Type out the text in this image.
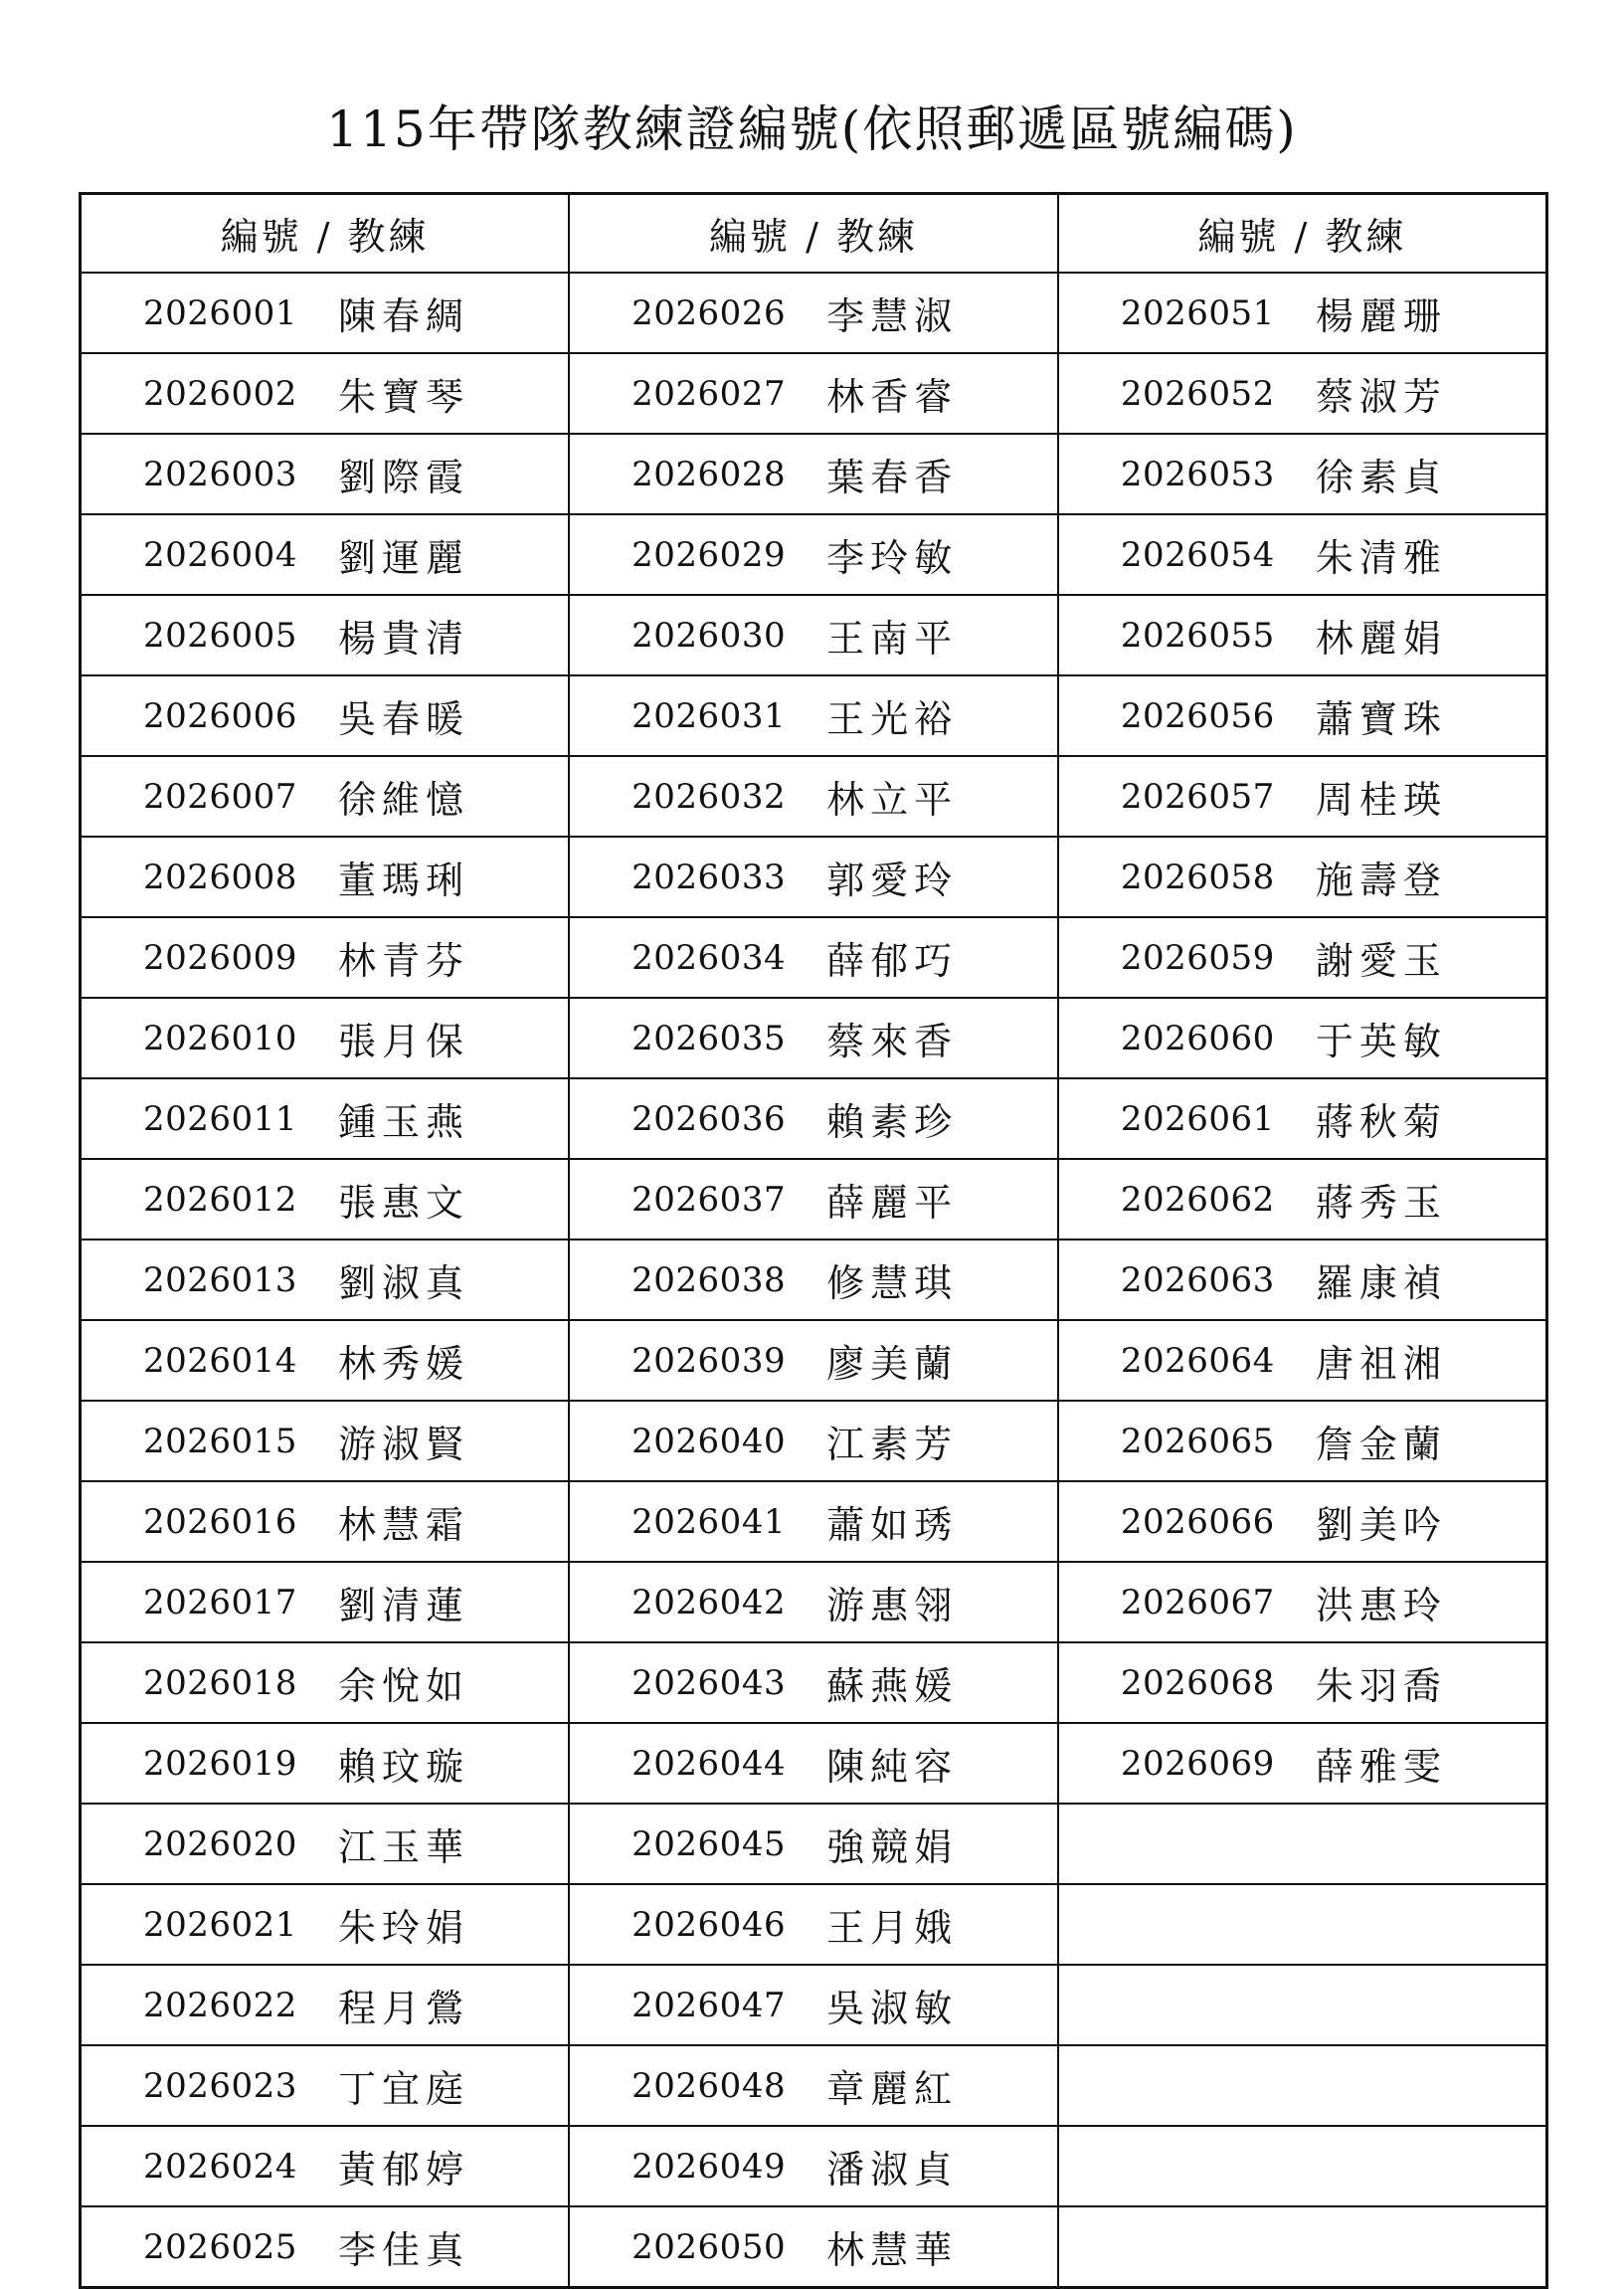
115年帶隊教練證編號(依照郵遞區號編碼)
編號 / 教練	編號 / 教練	編號 / 教練

2026001 陳春綢	2026026 李慧淑	2026051 楊麗珊

2026002 朱寶琴	2026027 林香睿	2026052 蔡淑芳

2026003 劉際霞	2026028 葉春香	2026053 徐素貞

2026004 劉運麗	2026029 李玲敏	2026054 朱清雅

2026005 楊貴清	2026030 王南平	2026055 林麗娟

2026006 吳春暖	2026031 王光裕	2026056 蕭寶珠

2026007 徐維憶	2026032 林立平	2026057 周桂瑛

2026008 董瑪琍	2026033 郭愛玲	2026058 施壽登

2026009 林青芬	2026034 薛郁巧	2026059 謝愛玉

2026010 張月保	2026035 蔡來香	2026060 于英敏

2026011 鍾玉燕	2026036 賴素珍	2026061 蔣秋菊

2026012 張惠文	2026037 薛麗平	2026062 蔣秀玉

2026013 劉淑真	2026038 修慧琪	2026063 羅康禎

2026014 林秀媛	2026039 廖美蘭	2026064 唐祖湘

2026015 游淑賢	2026040 江素芳	2026065 詹金蘭

2026016 林慧霜	2026041 蕭如琇	2026066 劉美吟

2026017 劉清蓮	2026042 游惠翎	2026067 洪惠玲

2026018 余悅如	2026043 蘇燕媛	2026068 朱羽喬

2026019 賴玟璇	2026044 陳純容	2026069 薛雅雯

2026020 江玉華	2026045 強競娟	

2026021 朱玲娟	2026046 王月娥	

2026022 程月鶯	2026047 吳淑敏	

2026023 丁宜庭	2026048 章麗紅	

2026024 黃郁婷	2026049 潘淑貞	

2026025 李佳真	2026050 林慧華	
